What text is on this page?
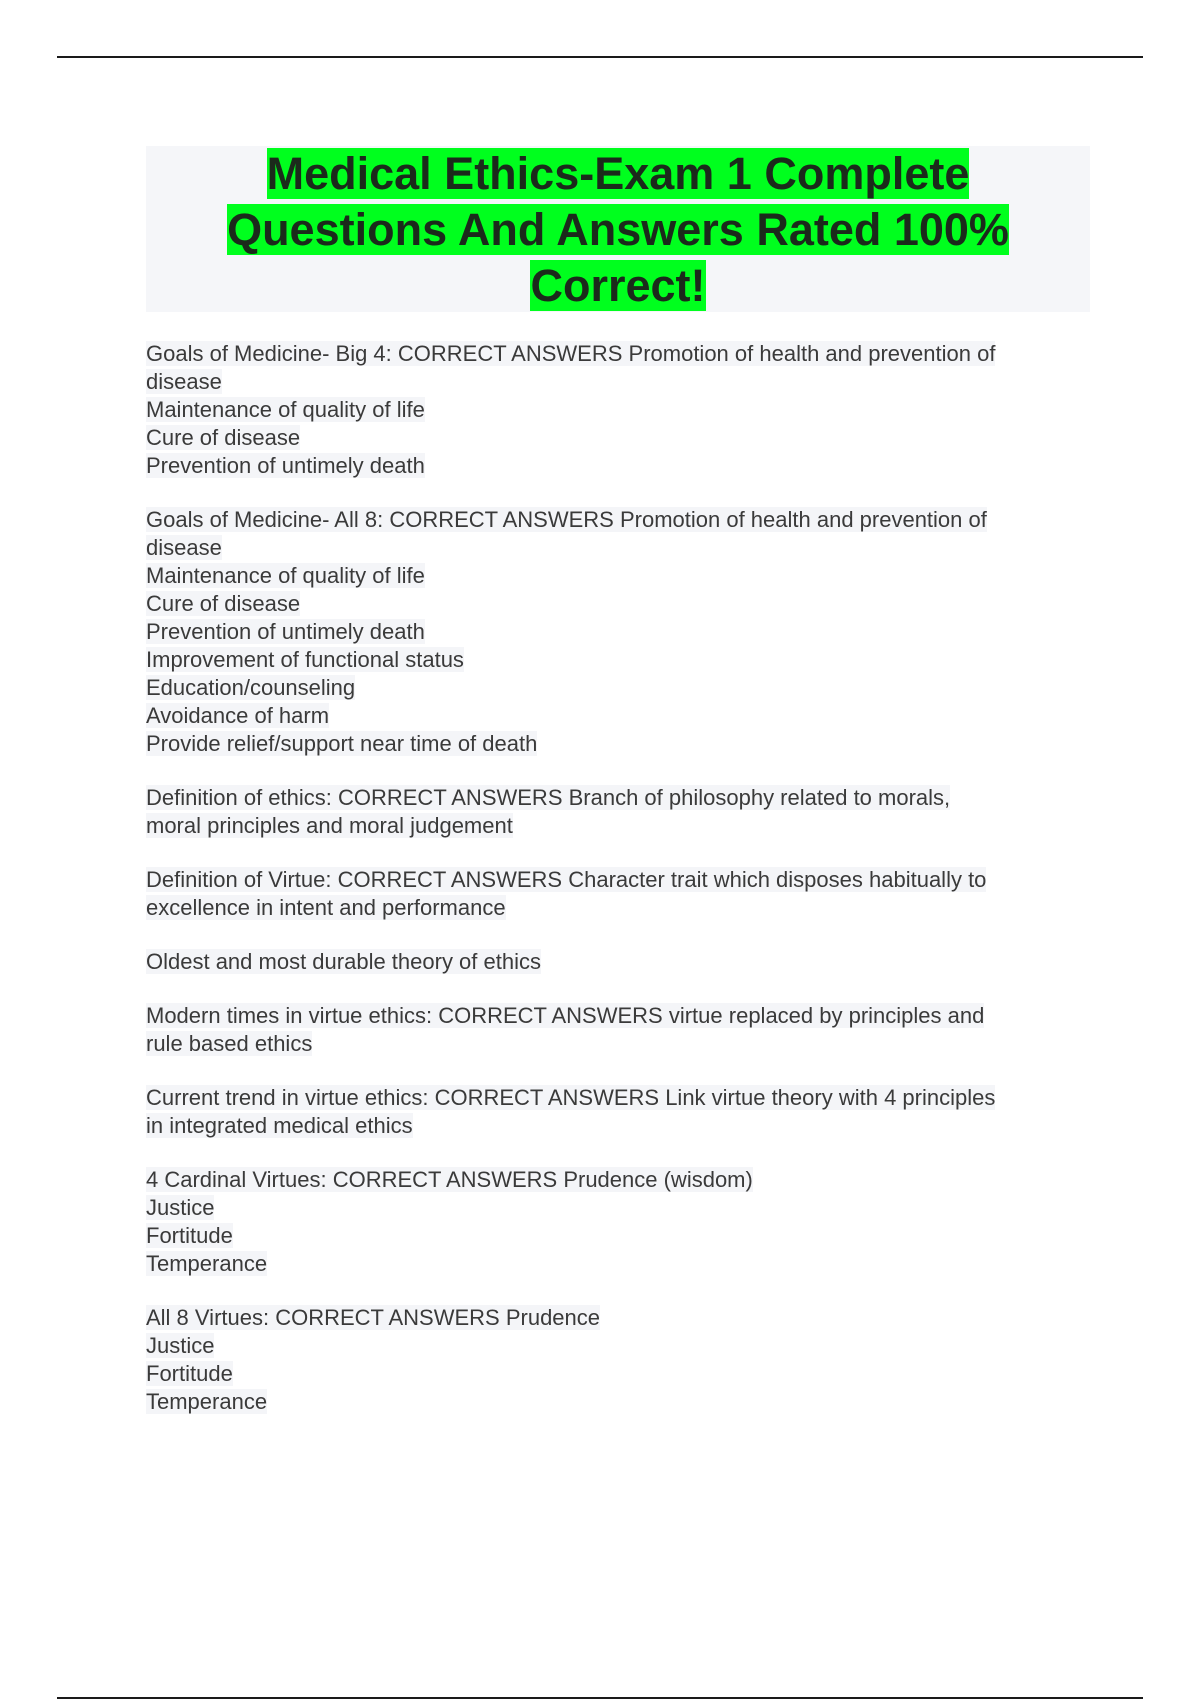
Medical Ethics-Exam 1 Complete
Questions And Answers Rated 100%
Correct!

Goals of Medicine- Big 4: CORRECT ANSWERS Promotion of health and prevention of
disease
Maintenance of quality of life
Cure of disease
Prevention of untimely death

Goals of Medicine- All 8: CORRECT ANSWERS Promotion of health and prevention of
disease
Maintenance of quality of life
Cure of disease
Prevention of untimely death
Improvement of functional status
Education/counseling
Avoidance of harm
Provide relief/support near time of death

Definition of ethics: CORRECT ANSWERS Branch of philosophy related to morals,
moral principles and moral judgement

Definition of Virtue: CORRECT ANSWERS Character trait which disposes habitually to
excellence in intent and performance

Oldest and most durable theory of ethics

Modern times in virtue ethics: CORRECT ANSWERS virtue replaced by principles and
rule based ethics

Current trend in virtue ethics: CORRECT ANSWERS Link virtue theory with 4 principles
in integrated medical ethics

4 Cardinal Virtues: CORRECT ANSWERS Prudence (wisdom)
Justice
Fortitude
Temperance

All 8 Virtues: CORRECT ANSWERS Prudence
Justice
Fortitude
Temperance
